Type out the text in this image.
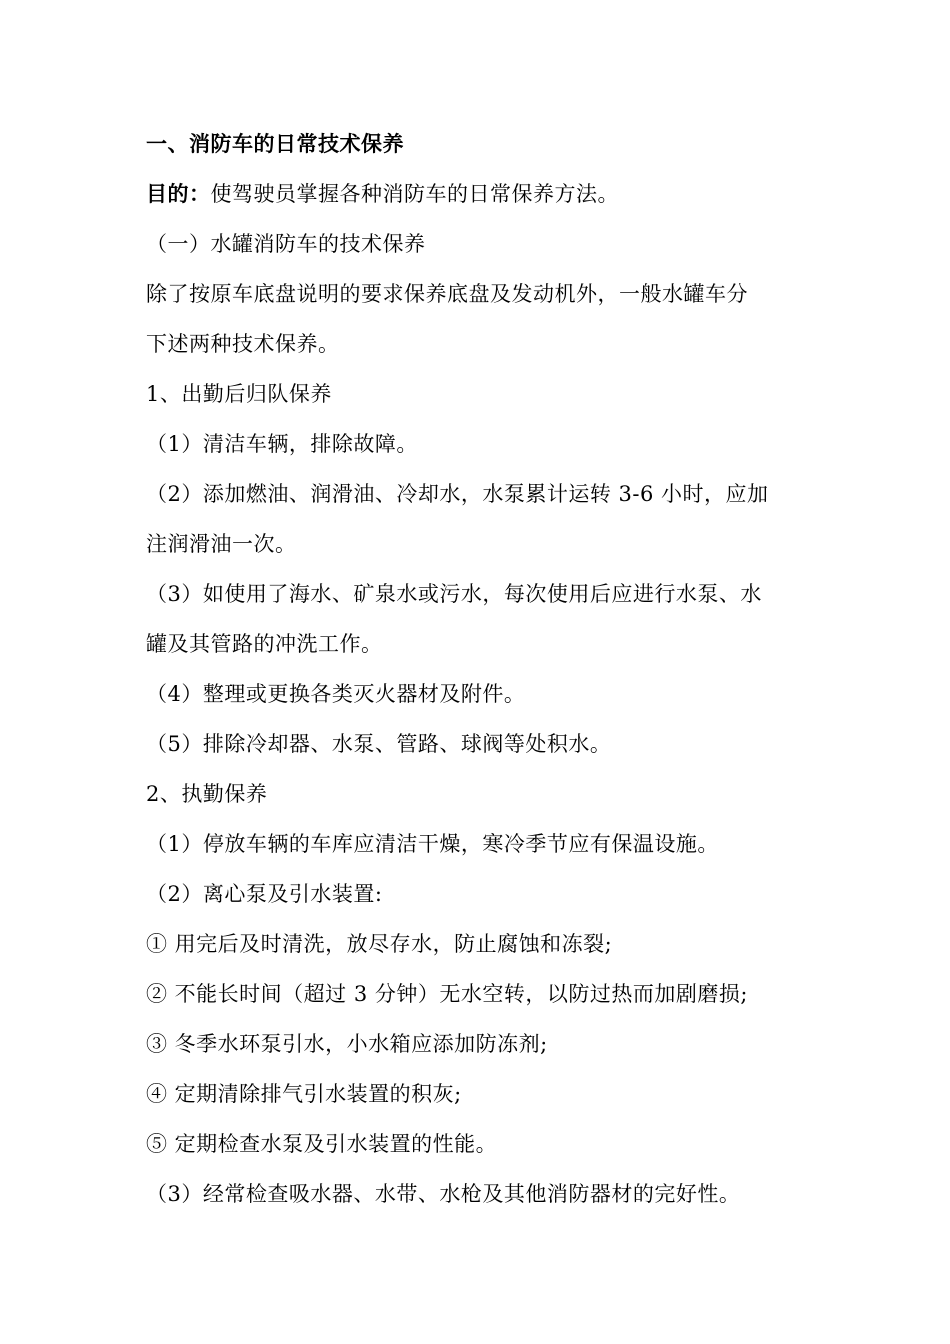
一、消防车的日常技术保养
目的：使驾驶员掌握各种消防车的日常保养方法。
（一）水罐消防车的技术保养
除了按原车底盘说明的要求保养底盘及发动机外，一般水罐车分
下述两种技术保养。
1、出勤后归队保养
（1）清洁车辆，排除故障。
（2）添加燃油、润滑油、冷却水，水泵累计运转 3-6 小时，应加
注润滑油一次。
（3）如使用了海水、矿泉水或污水，每次使用后应进行水泵、水
罐及其管路的冲洗工作。
（4）整理或更换各类灭火器材及附件。
（5）排除冷却器、水泵、管路、球阀等处积水。
2、执勤保养
（1）停放车辆的车库应清洁干燥，寒冷季节应有保温设施。
（2）离心泵及引水装置:
① 用完后及时清洗，放尽存水，防止腐蚀和冻裂;
② 不能长时间（超过 3 分钟）无水空转，以防过热而加剧磨损;
③ 冬季水环泵引水，小水箱应添加防冻剂;
④ 定期清除排气引水装置的积灰;
⑤ 定期检查水泵及引水装置的性能。
（3）经常检查吸水器、水带、水枪及其他消防器材的完好性。
